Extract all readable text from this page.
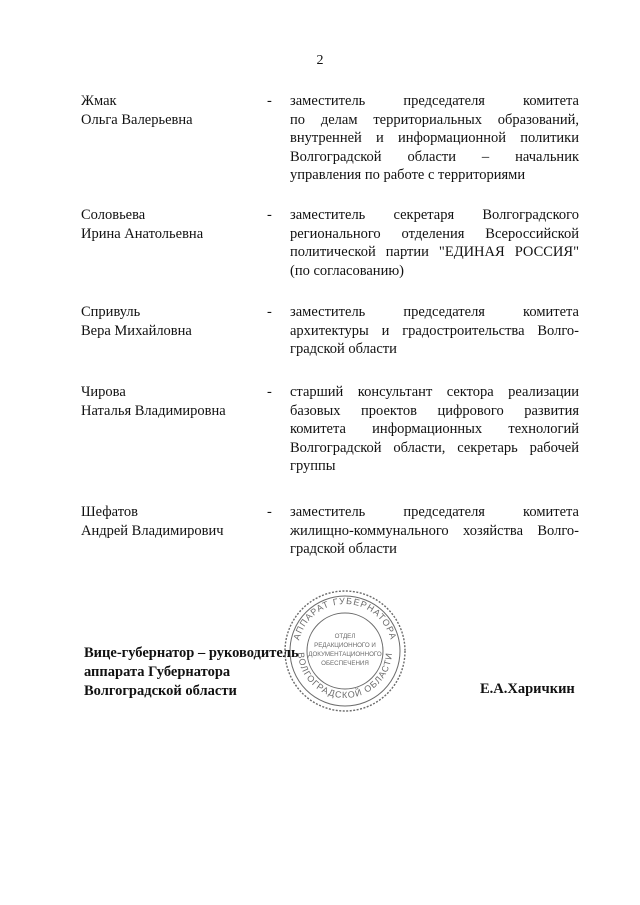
2
Жмак
Ольга Валерьевна
- заместитель председателя комитета
по делам территориальных образований,
внутренней и информационной политики
Волгоградской области – начальник
управления по работе с территориями
Соловьева
Ирина Анатольевна
- заместитель секретаря Волгоградского
регионального отделения Всероссийской
политической партии "ЕДИНАЯ РОССИЯ"
(по согласованию)
Спривуль
Вера Михайловна
- заместитель председателя комитета
архитектуры и градостроительства Волго-
градской области
Чирова
Наталья Владимировна
- старший консультант сектора реализации
базовых проектов цифрового развития
комитета информационных технологий
Волгоградской области, секретарь рабочей
группы
Шефатов
Андрей Владимирович
- заместитель председателя комитета
жилищно-коммунального хозяйства Волго-
градской области
АППАРАТ ГУБЕРНАТОРА
ВОЛГОГРАДСКОЙ ОБЛАСТИ
ОТДЕЛ
РЕДАКЦИОННОГО И
ДОКУМЕНТАЦИОННОГО
ОБЕСПЕЧЕНИЯ
Вице-губернатор – руководитель
аппарата Губернатора
Волгоградской области	Е.А.Харичкин
